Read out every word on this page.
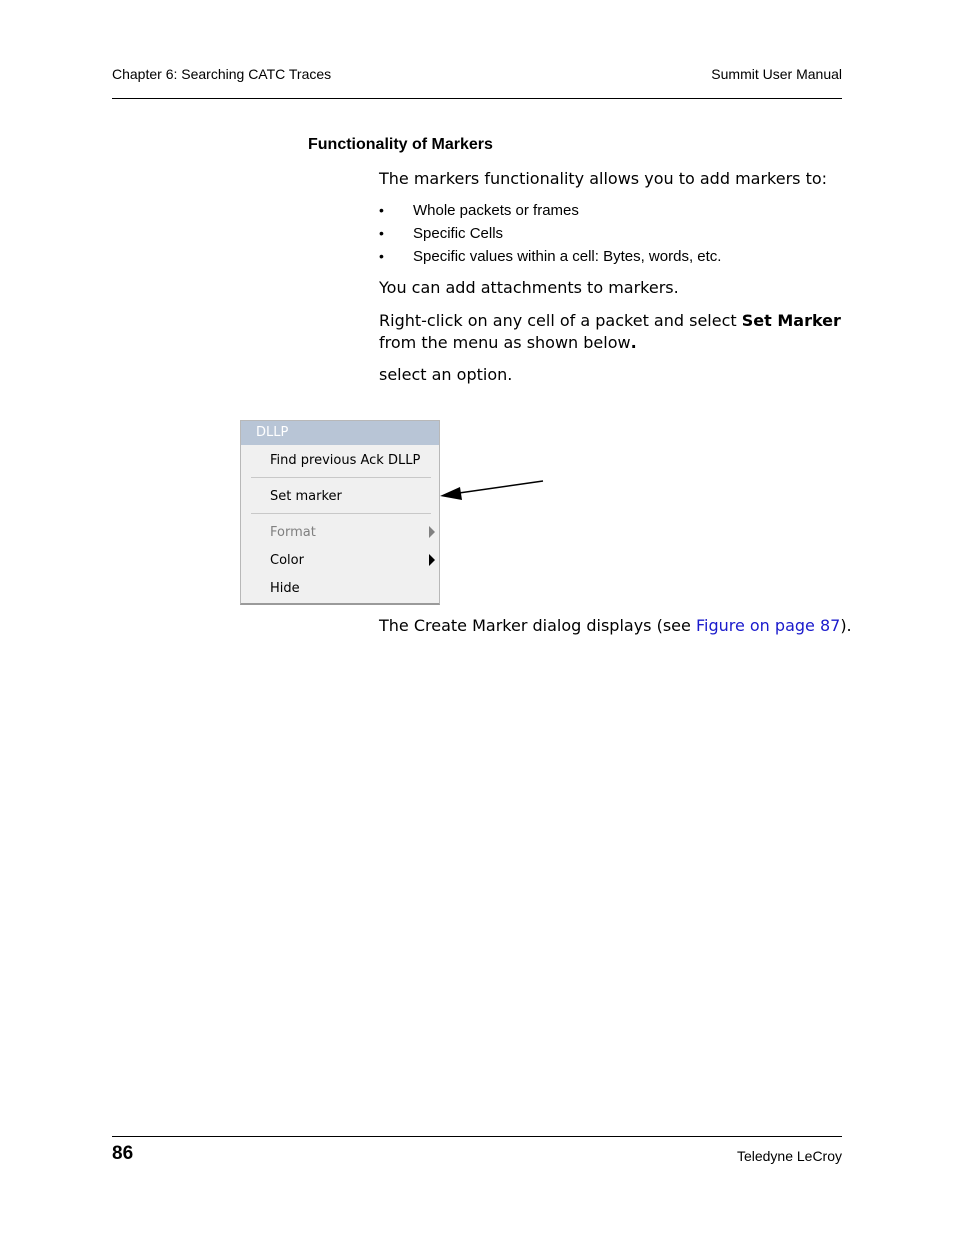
Chapter 6: Searching CATC Traces	Summit User Manual
Functionality of Markers
The markers functionality allows you to add markers to:
• Whole packets or frames
• Specific Cells
• Specific values within a cell: Bytes, words, etc.
You can add attachments to markers.
Right-click on any cell of a packet and select Set Marker from the menu as shown below.
select an option.
DLLP
Find previous Ack DLLP
Set marker
Format
Color
Hide
The Create Marker dialog displays (see Figure on page 87).
86	Teledyne LeCroy
